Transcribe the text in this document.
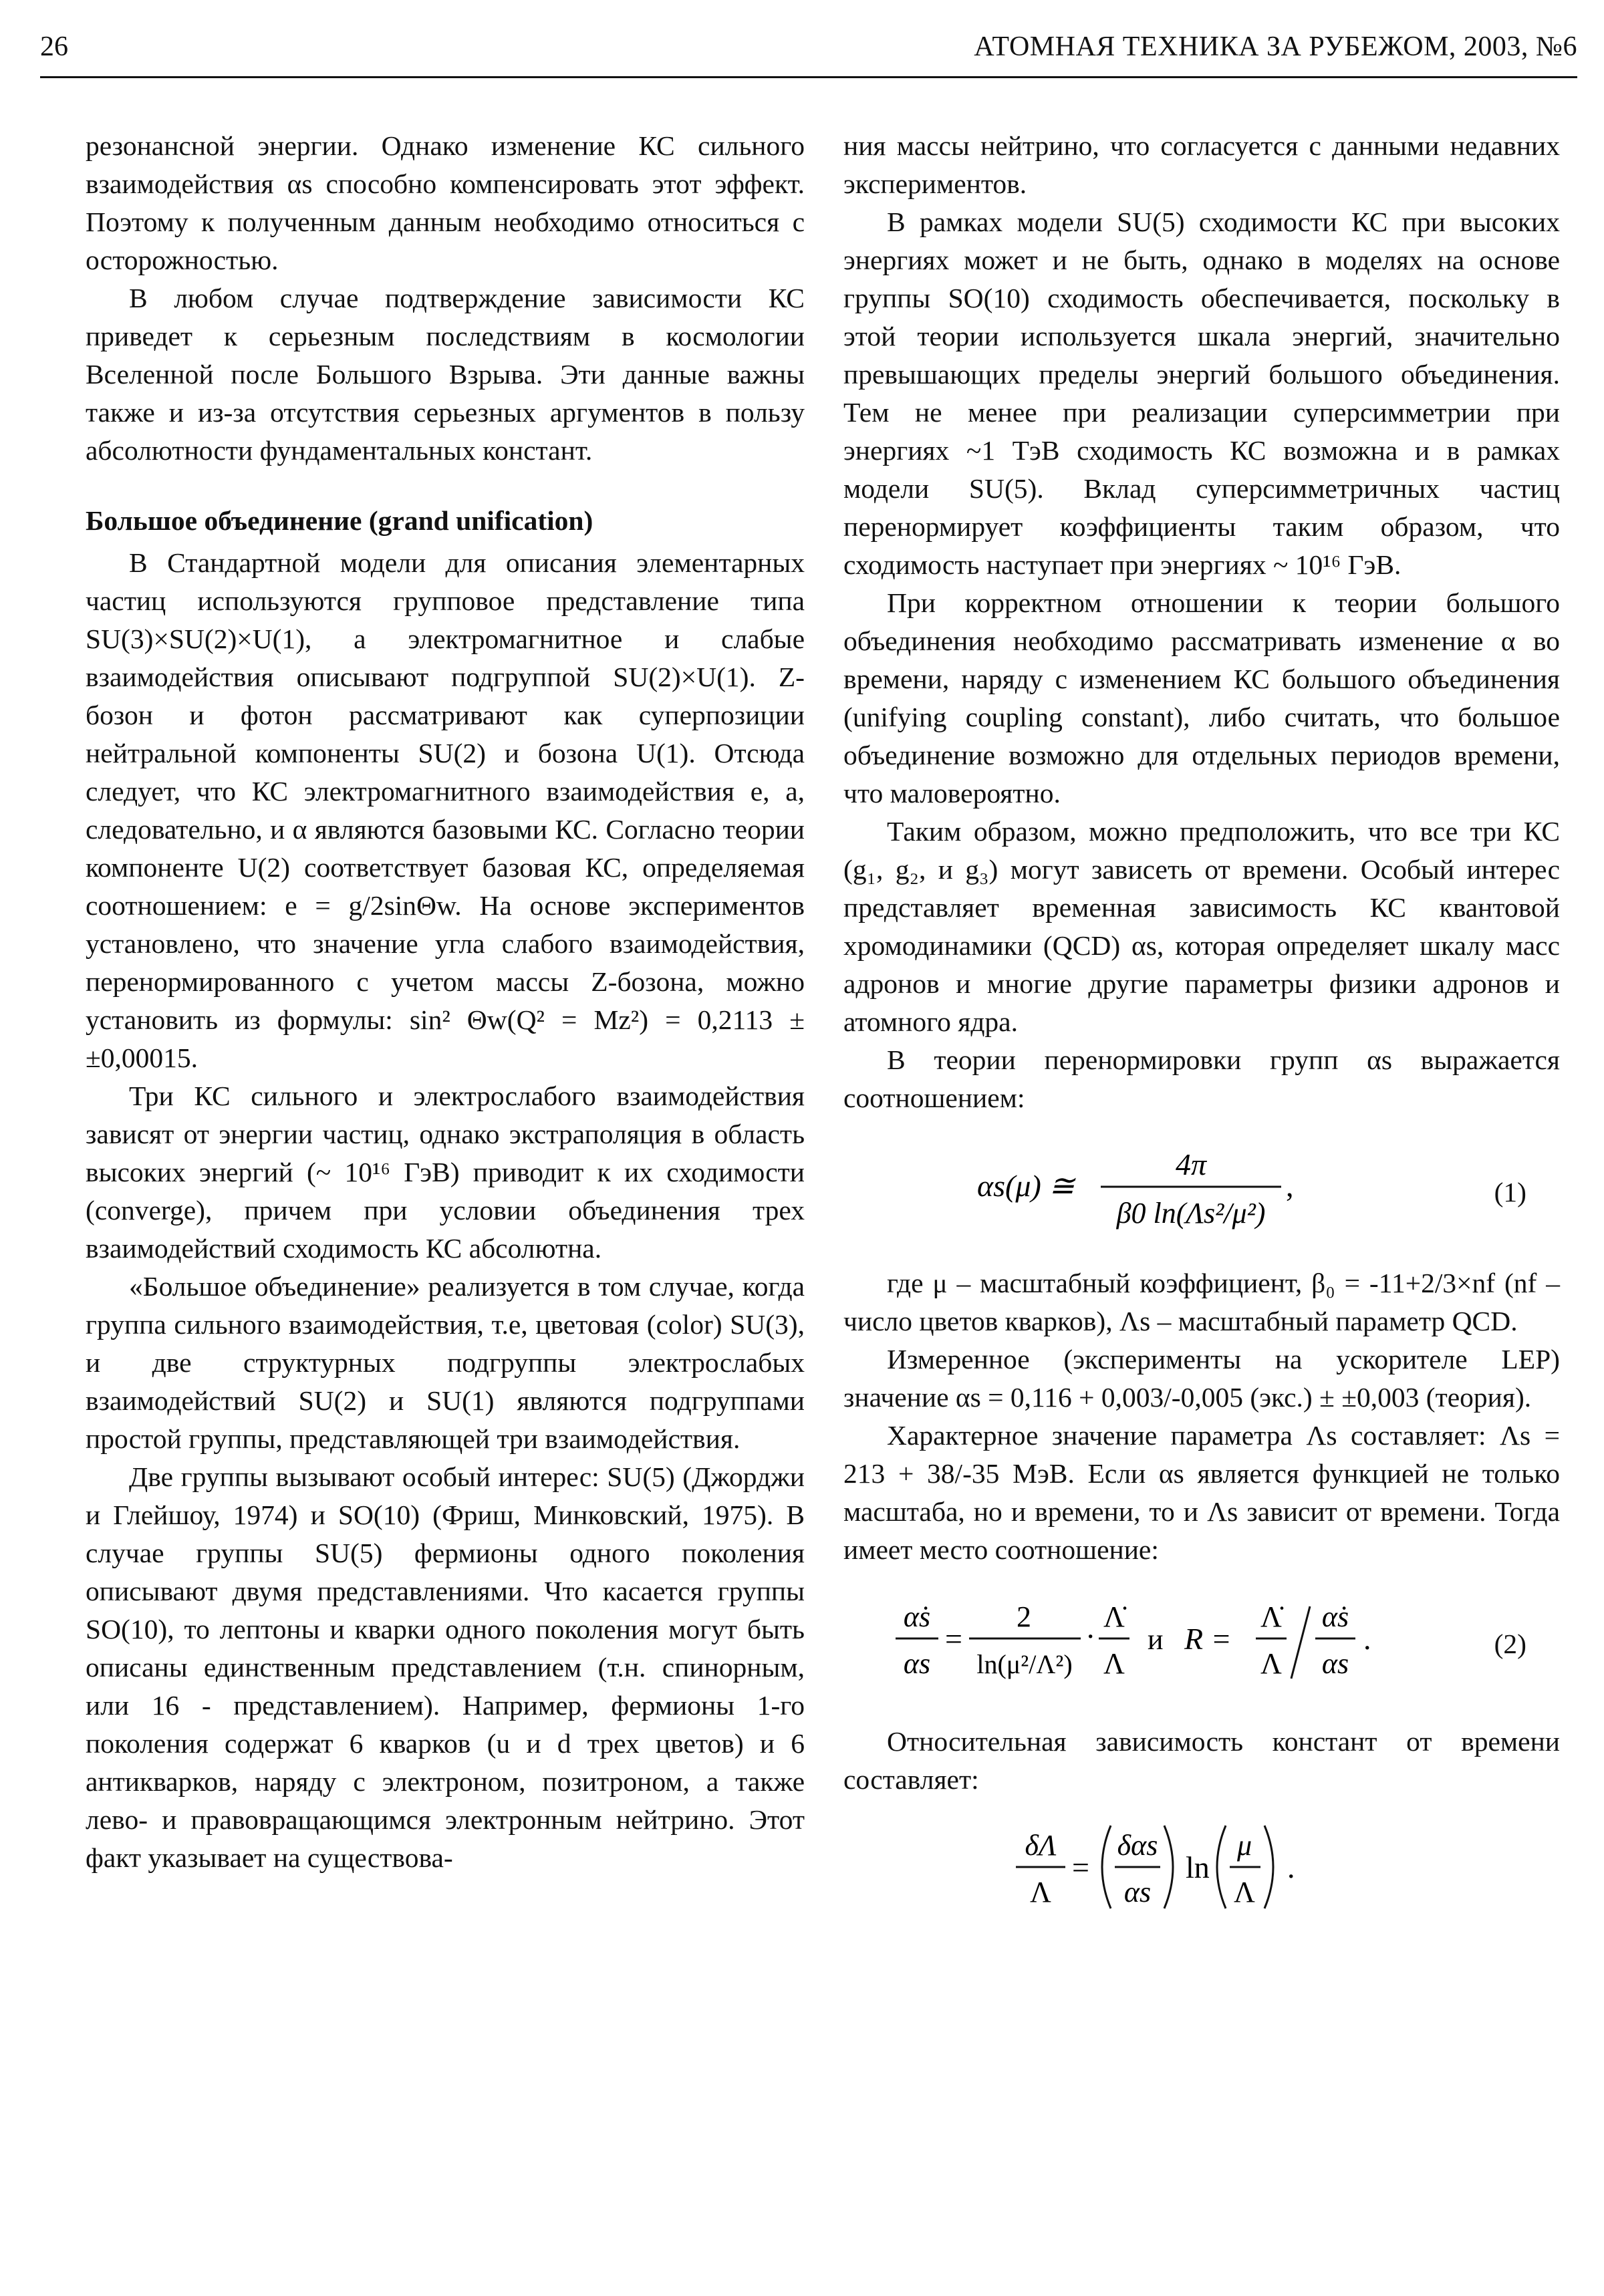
26	АТОМНАЯ ТЕХНИКА ЗА РУБЕЖОМ, 2003, №6

резонансной энергии. Однако изменение КС сильного взаимодействия αs способно компенсировать этот эффект. Поэтому к полученным данным необходимо относиться с осторожностью.

В любом случае подтверждение зависимости КС приведет к серьезным последствиям в космологии Вселенной после Большого Взрыва. Эти данные важны также и из-за отсутствия серьезных аргументов в пользу абсолютности фундаментальных констант.

Большое объединение (grand unification)

В Стандартной модели для описания элементарных частиц используются групповое представление типа SU(3)×SU(2)×U(1), а электромагнитное и слабые взаимодействия описывают подгруппой SU(2)×U(1). Z-бозон и фотон рассматривают как суперпозиции нейтральной компоненты SU(2) и бозона U(1). Отсюда следует, что КС электромагнитного взаимодействия e, а, следовательно, и α являются базовыми КС. Согласно теории компоненте U(2) соответствует базовая КС, определяемая соотношением: e = g/2sinΘw. На основе экспериментов установлено, что значение угла слабого взаимодействия, перенормированного с учетом массы Z-бозона, можно установить из формулы: sin² Θw(Q² = Mz²) = 0,2113 ± ±0,00015.

Три КС сильного и электрослабого взаимодействия зависят от энергии частиц, однако экстраполяция в область высоких энергий (~ 10¹⁶ ГэВ) приводит к их сходимости (converge), причем при условии объединения трех взаимодействий сходимость КС абсолютна.

«Большое объединение» реализуется в том случае, когда группа сильного взаимодействия, т.е, цветовая (color) SU(3), и две структурных подгруппы электрослабых взаимодействий SU(2) и SU(1) являются подгруппами простой группы, представляющей три взаимодействия.

Две группы вызывают особый интерес: SU(5) (Джорджи и Глейшоу, 1974) и SO(10) (Фриш, Минковский, 1975). В случае группы SU(5) фермионы одного поколения описывают двумя представлениями. Что касается группы SO(10), то лептоны и кварки одного поколения могут быть описаны единственным представлением (т.н. спинорным, или 16 - представлением). Например, фермионы 1-го поколения содержат 6 кварков (u и d трех цветов) и 6 антикварков, наряду с электроном, позитроном, а также лево- и правовращающимся электронным нейтрино. Этот факт указывает на существова-

ния массы нейтрино, что согласуется с данными недавних экспериментов.

В рамках модели SU(5) сходимости КС при высоких энергиях может и не быть, однако в моделях на основе группы SO(10) сходимость обеспечивается, поскольку в этой теории используется шкала энергий, значительно превышающих пределы энергий большого объединения. Тем не менее при реализации суперсимметрии при энергиях ~1 ТэВ сходимость КС возможна и в рамках модели SU(5). Вклад суперсимметричных частиц перенормирует коэффициенты таким образом, что сходимость наступает при энергиях ~ 10¹⁶ ГэВ.

При корректном отношении к теории большого объединения необходимо рассматривать изменение α во времени, наряду с изменением КС большого объединения (unifying coupling constant), либо считать, что большое объединение возможно для отдельных периодов времени, что маловероятно.

Таким образом, можно предположить, что все три КС (g₁, g₂, и g₃) могут зависеть от времени. Особый интерес представляет временная зависимость КС квантовой хромодинамики (QCD) αs, которая определяет шкалу масс адронов и многие другие параметры физики адронов и атомного ядра.

В теории перенормировки групп αs выражается соотношением:

αs(μ) ≅
4π
β0 ln(Λs²/μ²)
,	(1)

где μ – масштабный коэффициент, β₀ = -11+2/3×nf (nf – число цветов кварков), Λs – масштабный параметр QCD.

Измеренное (эксперименты на ускорителе LEP) значение αs = 0,116 + 0,003/-0,005 (экс.) ± ±0,003 (теория).

Характерное значение параметра Λs составляет: Λs = 213 + 38/-35 МэВ. Если αs является функцией не только масштаба, но и времени, то и Λs зависит от времени. Тогда имеет место соотношение:

α̇s
αs
=
2
ln(μ²/Λ²)
·
Λ̇
Λ
и R =
Λ̇
Λ
α̇s
αs
.	(2)

Относительная зависимость констант от времени составляет:

δΛ
Λ
=
δαs
αs
ln
μ
Λ
.
